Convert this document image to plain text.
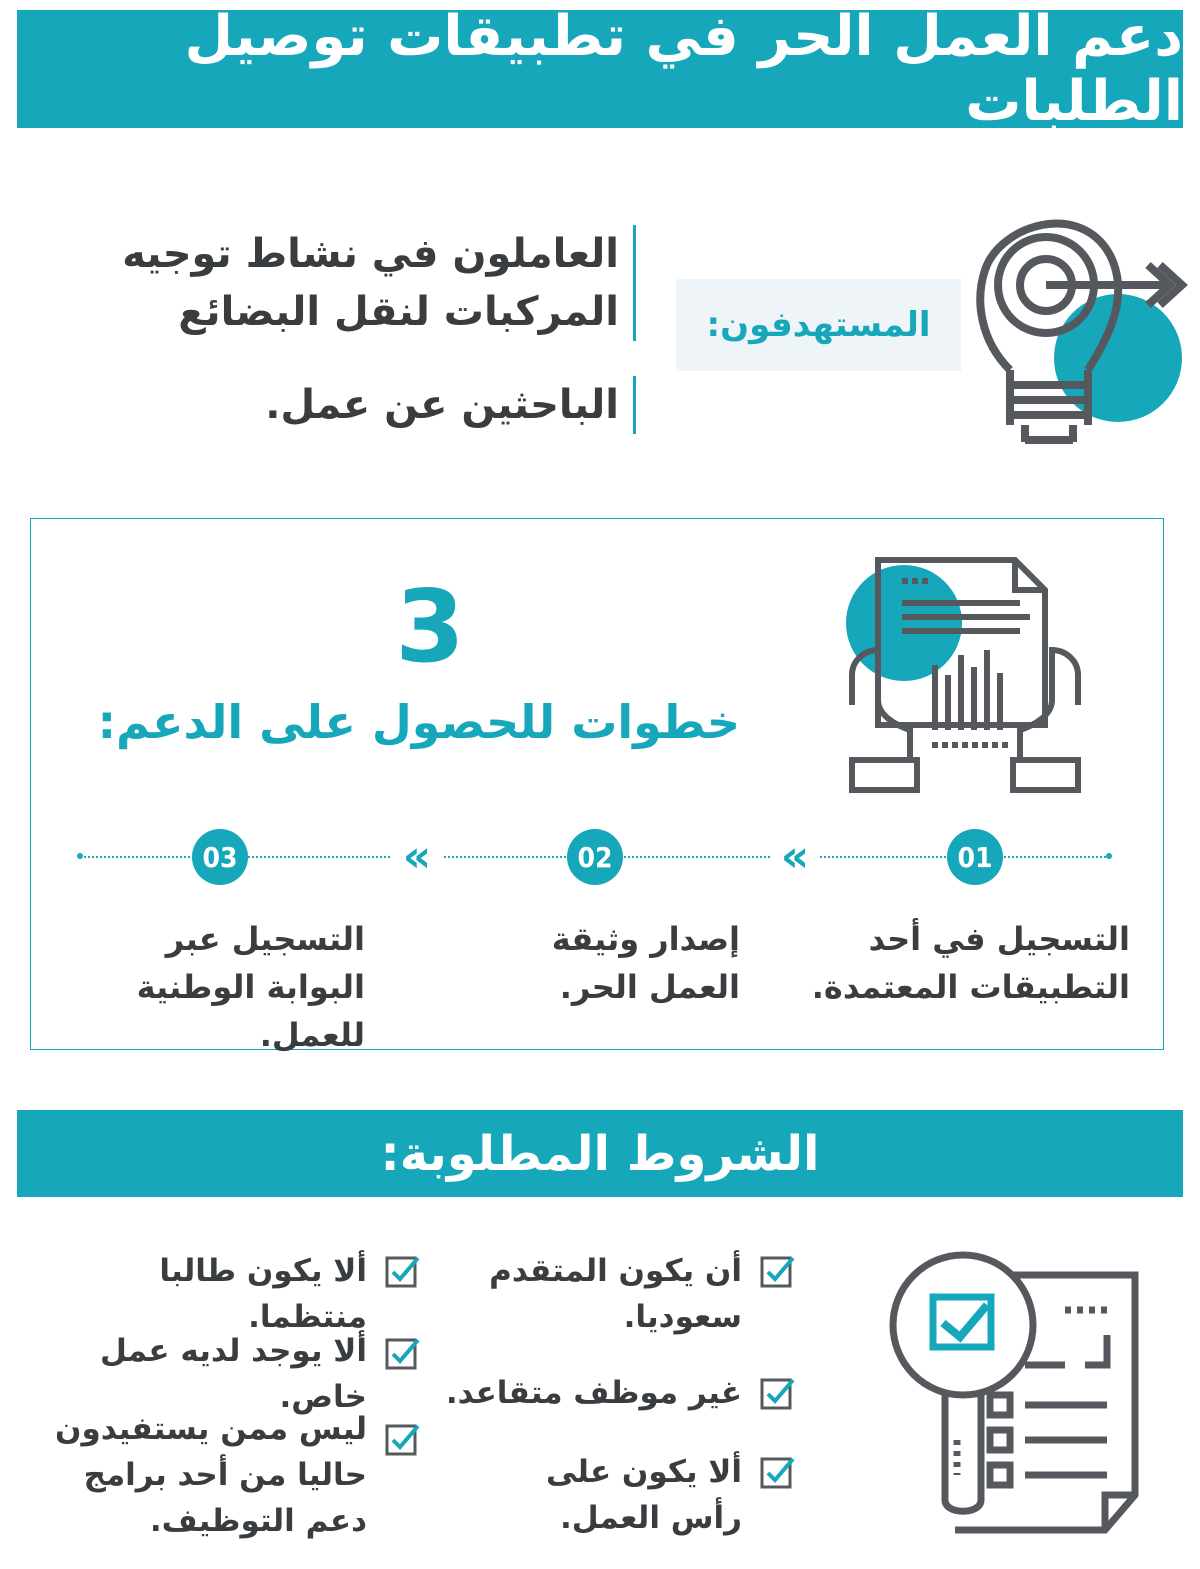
دعم العمل الحر في تطبيقات توصيل الطلبات
المستهدفون:
العاملون في نشاط توجيه المركبات لنقل البضائع
الباحثين عن عمل.
3
خطوات للحصول على الدعم:
01
«
02
«
03
التسجيل في أحد التطبيقات المعتمدة.
إصدار وثيقة العمل الحر.
التسجيل عبر البوابة الوطنية للعمل.
الشروط المطلوبة:
أن يكون المتقدم سعوديا.
غير موظف متقاعد.
ألا يكون على رأس العمل.
ألا يكون طالبا منتظما.
ألا يوجد لديه عمل خاص.
ليس ممن يستفيدون حاليا من أحد برامج دعم التوظيف.
